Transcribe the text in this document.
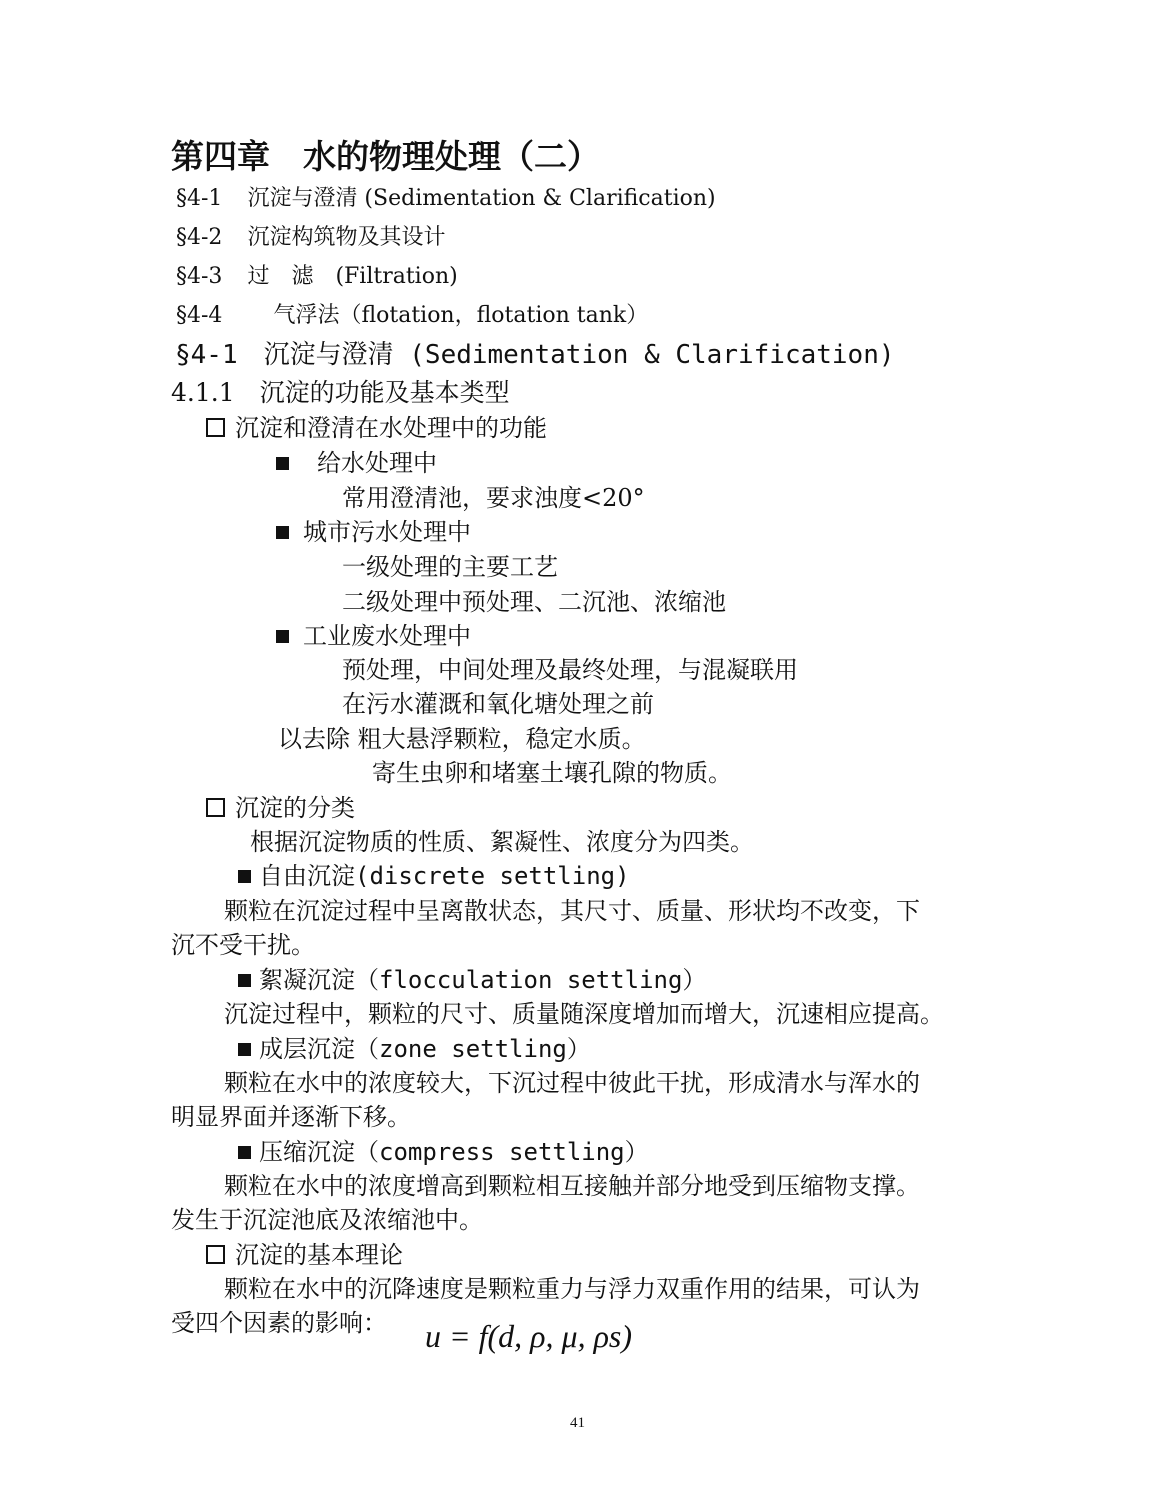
第四章　水的物理处理（二）
§4-1 沉淀与澄清 (Sedimentation & Clarification)
§4-2 沉淀构筑物及其设计
§4-3 过　滤　(Filtration)
§4-4 气浮法（flotation，flotation tank）
§4-1　沉淀与澄清 (Sedimentation & Clarification)
4.1.1　沉淀的功能及基本类型
沉淀和澄清在水处理中的功能
给水处理中
常用澄清池，要求浊度<20°
城市污水处理中
一级处理的主要工艺
二级处理中预处理、二沉池、浓缩池
工业废水处理中
预处理，中间处理及最终处理，与混凝联用
在污水灌溉和氧化塘处理之前
以去除 粗大悬浮颗粒，稳定水质。
寄生虫卵和堵塞土壤孔隙的物质。
沉淀的分类
根据沉淀物质的性质、絮凝性、浓度分为四类。
自由沉淀(discrete settling)
颗粒在沉淀过程中呈离散状态，其尺寸、质量、形状均不改变，下
沉不受干扰。
絮凝沉淀（flocculation settling）
沉淀过程中，颗粒的尺寸、质量随深度增加而增大，沉速相应提高。
成层沉淀（zone settling）
颗粒在水中的浓度较大，下沉过程中彼此干扰，形成清水与浑水的
明显界面并逐渐下移。
压缩沉淀（compress settling）
颗粒在水中的浓度增高到颗粒相互接触并部分地受到压缩物支撑。
发生于沉淀池底及浓缩池中。
沉淀的基本理论
颗粒在水中的沉降速度是颗粒重力与浮力双重作用的结果，可认为
受四个因素的影响： u = f(d, ρ, μ, ρs)
41
